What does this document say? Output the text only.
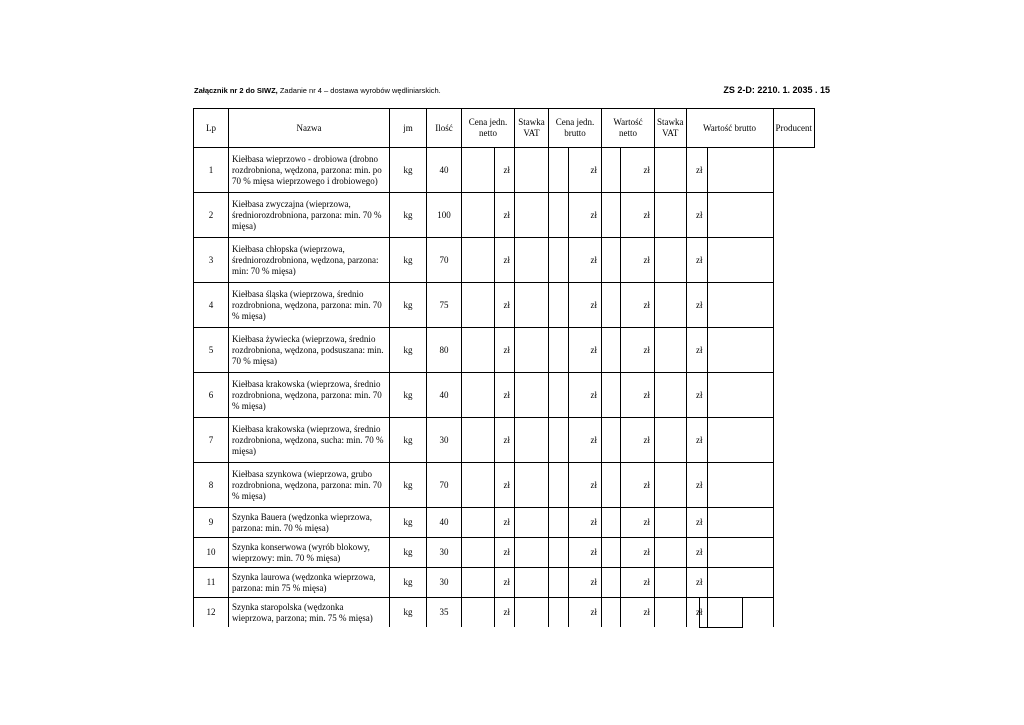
Załącznik nr 2 do SIWZ, Zadanie nr 4 – dostawa wyrobów wędliniarskich.	ZS 2-D: 2210. 1. 2035 . 15
Lp	Nazwa	jm	Ilość	Cena jedn. netto		Stawka VAT	Cena jedn. brutto		Wartość netto		Stawka VAT	Wartość brutto		Producent
1	Kiełbasa wieprzowo - drobiowa (drobno rozdrobniona, wędzona, parzona: min. po 70 % mięsa wieprzowego i drobiowego)	kg	40		zł			zł		zł		zł		
2	Kiełbasa zwyczajna (wieprzowa, średniorozdrobniona, parzona: min. 70 % mięsa)	kg	100		zł			zł		zł		zł		
3	Kiełbasa chłopska (wieprzowa, średniorozdrobniona, wędzona, parzona: min: 70 % mięsa)	kg	70		zł			zł		zł		zł		
4	Kiełbasa śląska (wieprzowa, średnio rozdrobniona, wędzona, parzona: min. 70 % mięsa)	kg	75		zł			zł		zł		zł		
5	Kiełbasa żywiecka (wieprzowa, średnio rozdrobniona, wędzona, podsuszana: min. 70 % mięsa)	kg	80		zł			zł		zł		zł		
6	Kiełbasa krakowska (wieprzowa, średnio rozdrobniona, wędzona, parzona: min. 70 % mięsa)	kg	40		zł			zł		zł		zł		
7	Kiełbasa krakowska (wieprzowa, średnio rozdrobniona, wędzona, sucha: min. 70 % mięsa)	kg	30		zł			zł		zł		zł		
8	Kiełbasa szynkowa (wieprzowa, grubo rozdrobniona, wędzona, parzona: min. 70 % mięsa)	kg	70		zł			zł		zł		zł		
9	Szynka Bauera (wędzonka wieprzowa, parzona: min. 70 % mięsa)	kg	40		zł			zł		zł		zł		
10	Szynka konserwowa (wyrób blokowy, wieprzowy: min. 70 % mięsa)	kg	30		zł			zł		zł		zł		
11	Szynka laurowa (wędzonka wieprzowa, parzona: min 75 % mięsa)	kg	30		zł			zł		zł		zł		
12	Szynka staropolska (wędzonka wieprzowa, parzona; min. 75 % mięsa)	kg	35		zł			zł		zł		zł		
